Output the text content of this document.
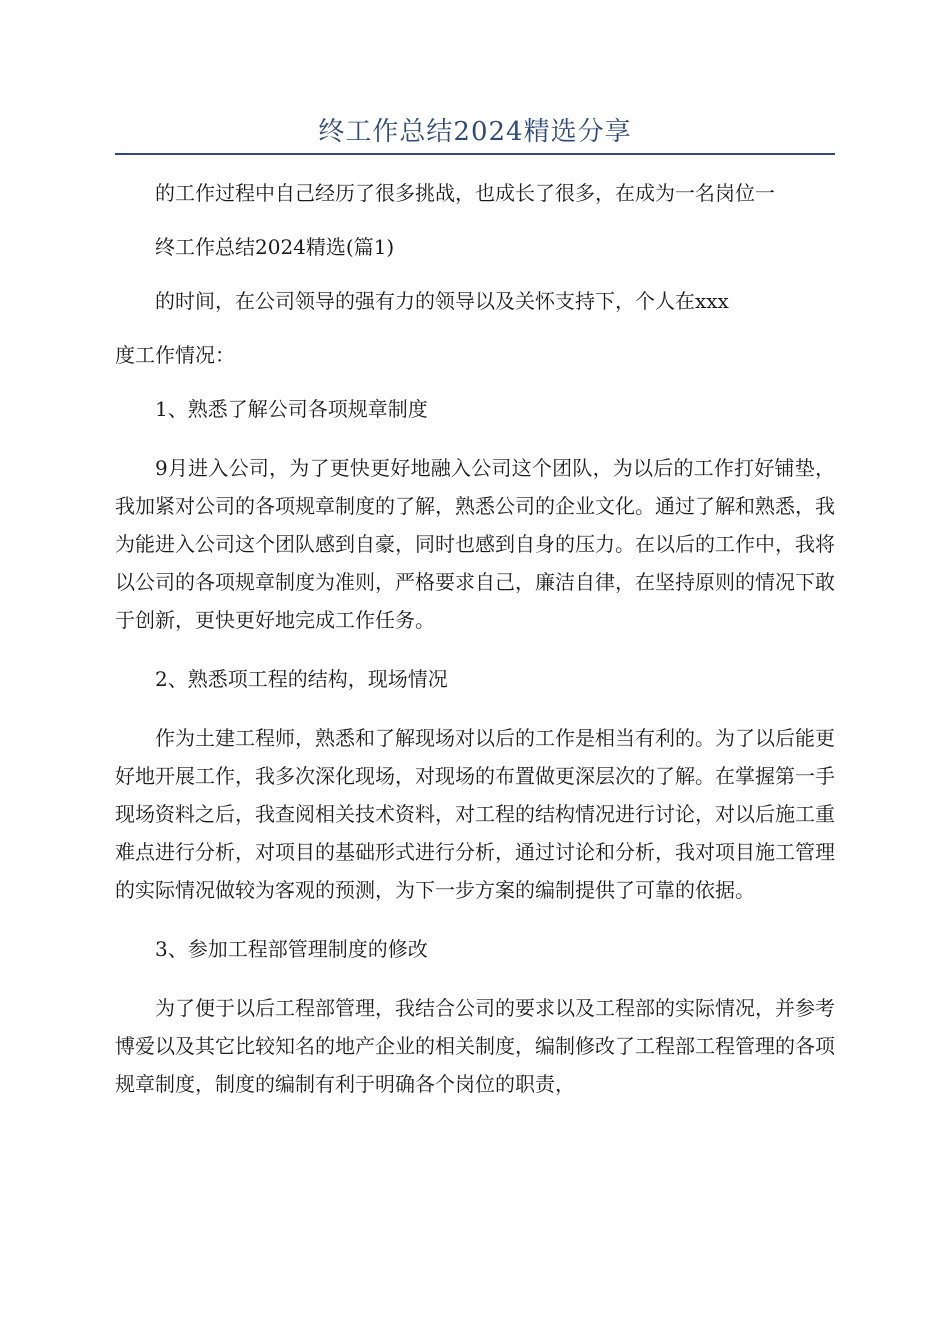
终工作总结2024精选分享

的工作过程中自己经历了很多挑战，也成长了很多，在成为一名岗位一

终工作总结2024精选(篇1)

的时间，在公司领导的强有力的领导以及关怀支持下，个人在xxx

度工作情况：

1、熟悉了解公司各项规章制度

9月进入公司，为了更快更好地融入公司这个团队，为以后的工作打好铺垫，我加紧对公司的各项规章制度的了解，熟悉公司的企业文化。通过了解和熟悉，我为能进入公司这个团队感到自豪，同时也感到自身的压力。在以后的工作中，我将以公司的各项规章制度为准则，严格要求自己，廉洁自律，在坚持原则的情况下敢于创新，更快更好地完成工作任务。

2、熟悉项工程的结构，现场情况

作为土建工程师，熟悉和了解现场对以后的工作是相当有利的。为了以后能更好地开展工作，我多次深化现场，对现场的布置做更深层次的了解。在掌握第一手现场资料之后，我查阅相关技术资料，对工程的结构情况进行讨论，对以后施工重难点进行分析，对项目的基础形式进行分析，通过讨论和分析，我对项目施工管理的实际情况做较为客观的预测，为下一步方案的编制提供了可靠的依据。

3、参加工程部管理制度的修改

为了便于以后工程部管理，我结合公司的要求以及工程部的实际情况，并参考博爱以及其它比较知名的地产企业的相关制度，编制修改了工程部工程管理的各项规章制度，制度的编制有利于明确各个岗位的职责，
